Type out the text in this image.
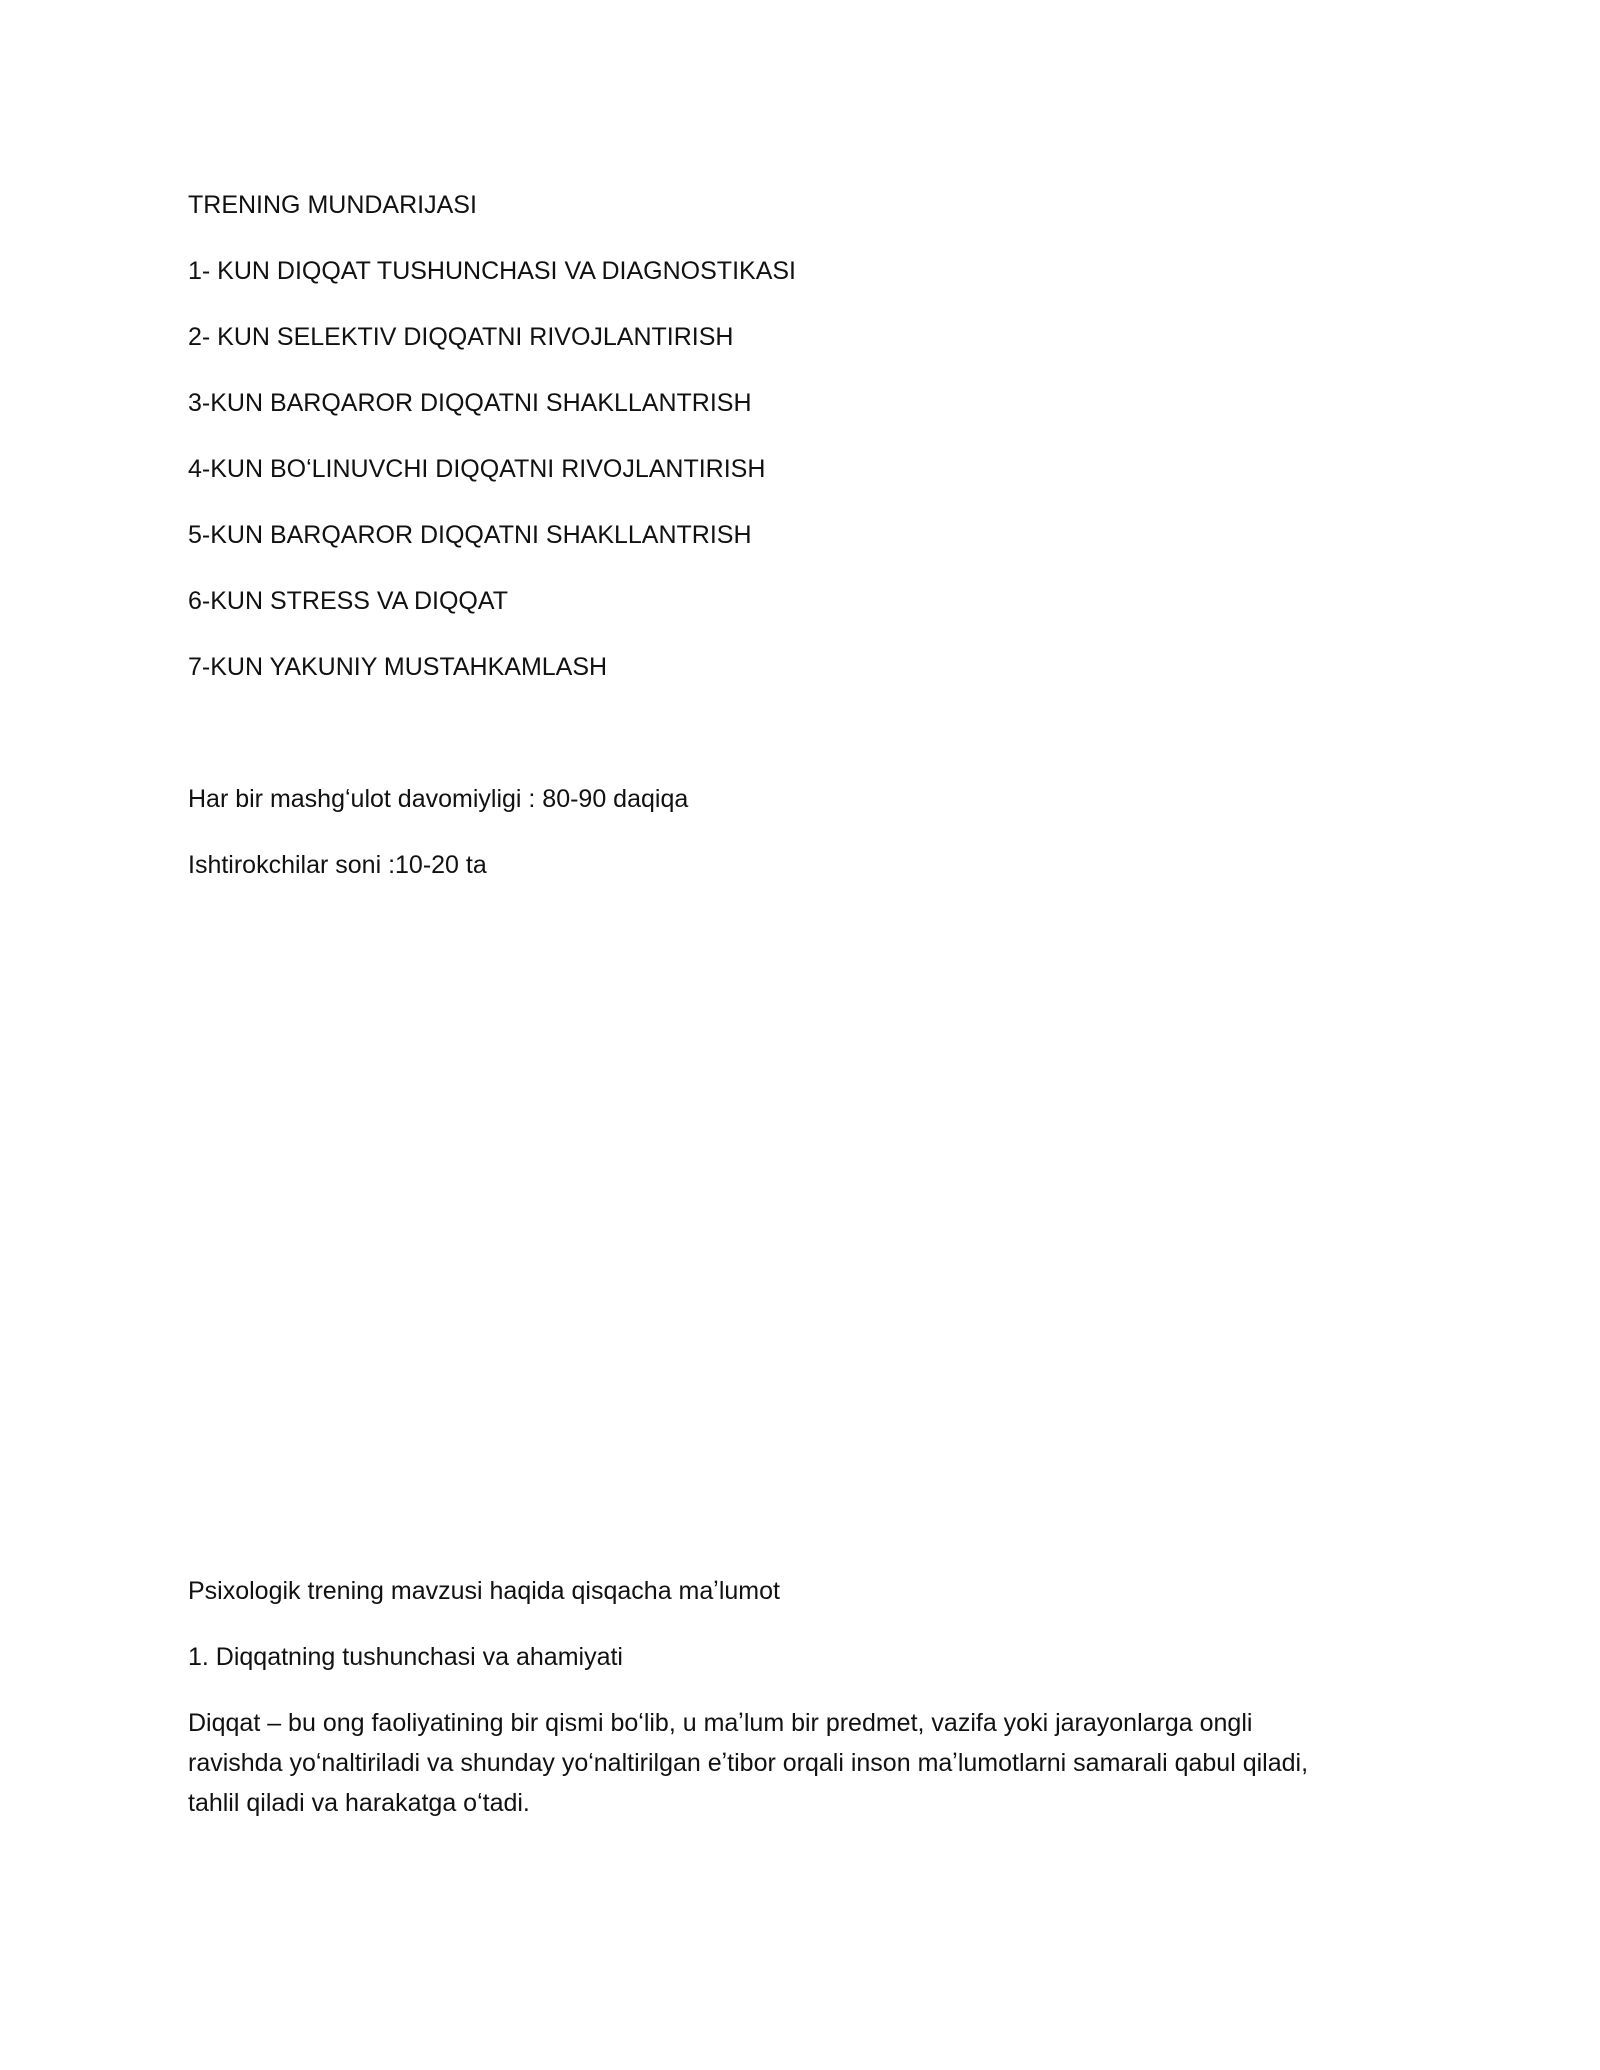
TRENING MUNDARIJASI

1- KUN DIQQAT TUSHUNCHASI VA DIAGNOSTIKASI

2- KUN SELEKTIV DIQQATNI RIVOJLANTIRISH

3-KUN BARQAROR DIQQATNI SHAKLLANTRISH

4-KUN BOʻLINUVCHI DIQQATNI RIVOJLANTIRISH

5-KUN BARQAROR DIQQATNI SHAKLLANTRISH

6-KUN STRESS VA DIQQAT

7-KUN YAKUNIY MUSTAHKAMLASH

Har bir mashgʻulot davomiyligi : 80-90 daqiqa

Ishtirokchilar soni :10-20 ta

Psixologik trening mavzusi haqida qisqacha maʼlumot

1. Diqqatning tushunchasi va ahamiyati

Diqqat – bu ong faoliyatining bir qismi boʻlib, u maʼlum bir predmet, vazifa yoki jarayonlarga ongli
ravishda yoʻnaltiriladi va shunday yoʻnaltirilgan eʼtibor orqali inson maʼlumotlarni samarali qabul qiladi,
tahlil qiladi va harakatga oʻtadi.
